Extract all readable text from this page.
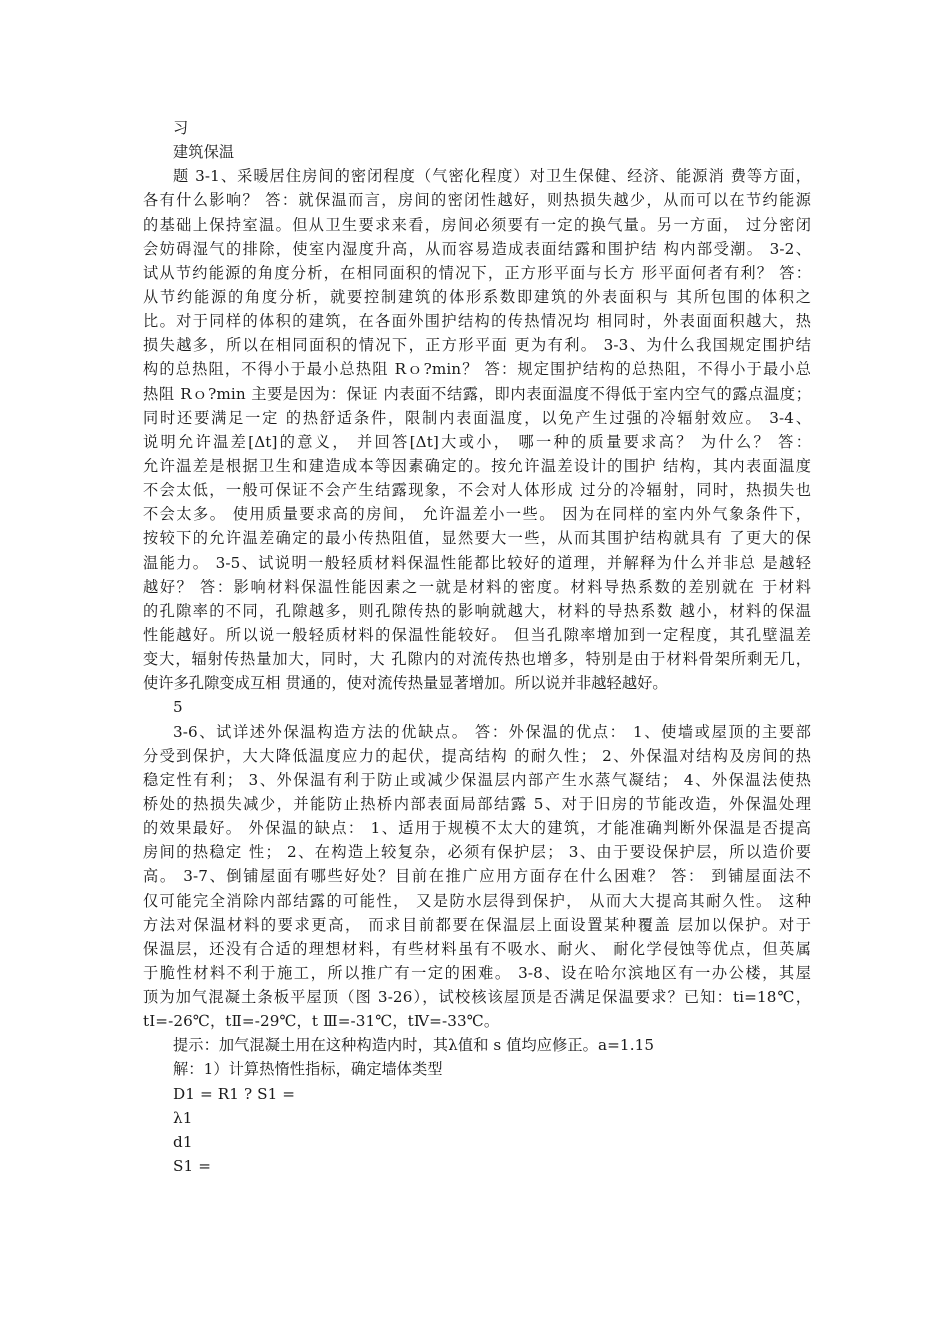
习
建筑保温
题 3-1、采暖居住房间的密闭程度（气密化程度）对卫生保健、经济、能源消 费等方面，
各有什么影响？ 答：就保温而言，房间的密闭性越好，则热损失越少，从而可以在节约能源
的基础上保持室温。但从卫生要求来看，房间必须要有一定的换气量。另一方面， 过分密闭
会妨碍湿气的排除，使室内湿度升高，从而容易造成表面结露和围护结 构内部受潮。 3-2、
试从节约能源的角度分析，在相同面积的情况下，正方形平面与长方 形平面何者有利？ 答：
从节约能源的角度分析，就要控制建筑的体形系数即建筑的外表面积与 其所包围的体积之
比。对于同样的体积的建筑，在各面外围护结构的传热情况均 相同时，外表面面积越大，热
损失越多，所以在相同面积的情况下，正方形平面 更为有利。 3-3、为什么我国规定围护结
构的总热阻，不得小于最小总热阻 Rｏ?min？ 答：规定围护结构的总热阻，不得小于最小总
热阻 Rｏ?min 主要是因为：保证 内表面不结露，即内表面温度不得低于室内空气的露点温度；
同时还要满足一定 的热舒适条件，限制内表面温度，以免产生过强的冷辐射效应。 3-4、
说明允许温差[Δt]的意义， 并回答[Δt]大或小， 哪一种的质量要求高？ 为什么？ 答：
允许温差是根据卫生和建造成本等因素确定的。按允许温差设计的围护 结构，其内表面温度
不会太低，一般可保证不会产生结露现象，不会对人体形成 过分的冷辐射，同时，热损失也
不会太多。 使用质量要求高的房间， 允许温差小一些。 因为在同样的室内外气象条件下，
按较下的允许温差确定的最小传热阻值，显然要大一些，从而其围护结构就具有 了更大的保
温能力。 3-5、试说明一般轻质材料保温性能都比较好的道理，并解释为什么并非总 是越轻
越好？ 答：影响材料保温性能因素之一就是材料的密度。材料导热系数的差别就在 于材料
的孔隙率的不同，孔隙越多，则孔隙传热的影响就越大，材料的导热系数 越小，材料的保温
性能越好。所以说一般轻质材料的保温性能较好。 但当孔隙率增加到一定程度，其孔壁温差
变大，辐射传热量加大，同时，大 孔隙内的对流传热也增多，特别是由于材料骨架所剩无几，
使许多孔隙变成互相 贯通的，使对流传热量显著增加。所以说并非越轻越好。
5
3-6、试详述外保温构造方法的优缺点。 答：外保温的优点： 1、使墙或屋顶的主要部
分受到保护，大大降低温度应力的起伏，提高结构 的耐久性； 2、外保温对结构及房间的热
稳定性有利； 3、外保温有利于防止或减少保温层内部产生水蒸气凝结； 4、外保温法使热
桥处的热损失减少，并能防止热桥内部表面局部结露 5、对于旧房的节能改造，外保温处理
的效果最好。 外保温的缺点： 1、适用于规模不太大的建筑，才能准确判断外保温是否提高
房间的热稳定 性； 2、在构造上较复杂，必须有保护层； 3、由于要设保护层，所以造价要
高。 3-7、倒铺屋面有哪些好处？目前在推广应用方面存在什么困难？ 答： 到铺屋面法不
仅可能完全消除内部结露的可能性， 又是防水层得到保护， 从而大大提高其耐久性。 这种
方法对保温材料的要求更高， 而求目前都要在保温层上面设置某种覆盖 层加以保护。对于
保温层，还没有合适的理想材料，有些材料虽有不吸水、耐火、 耐化学侵蚀等优点，但英属
于脆性材料不利于施工，所以推广有一定的困难。 3-8、设在哈尔滨地区有一办公楼，其屋
顶为加气混凝土条板平屋顶（图 3-26），试校核该屋顶是否满足保温要求？已知：ti=18℃，
tⅠ=-26℃，tⅡ=-29℃，t Ⅲ=-31℃，tⅣ=-33℃。
提示：加气混凝土用在这种构造内时，其λ值和 s 值均应修正。a=1.15
解：1）计算热惰性指标，确定墙体类型
D1 = R1 ? S1 =
λ1
d1
S1 =
